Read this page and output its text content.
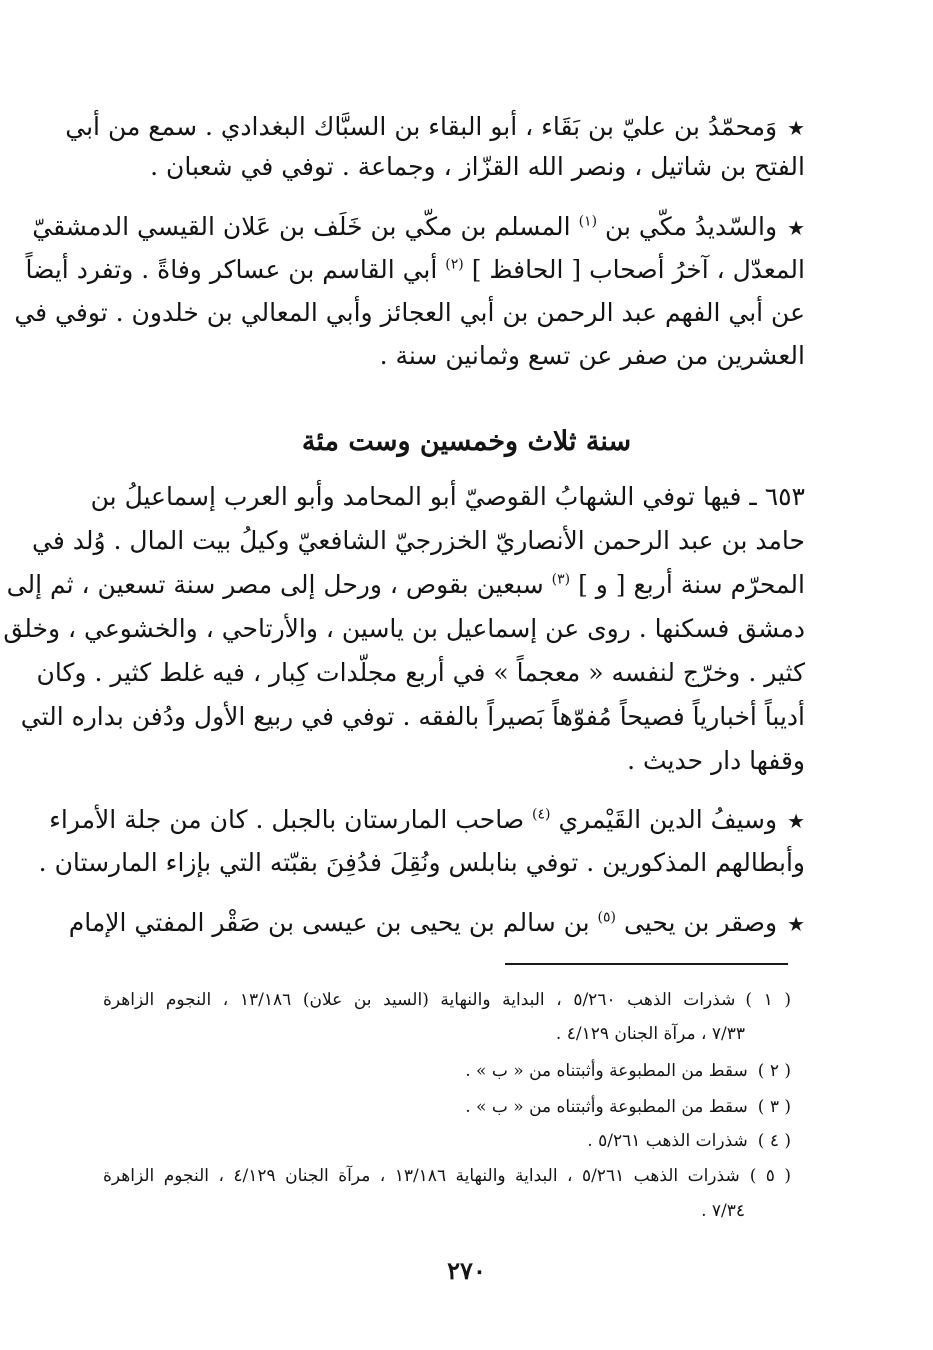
★وَمحمّدُ بن عليّ بن بَقَاء ، أبو البقاء بن السبَّاك البغدادي . سمع من أبي
الفتح بن شاتيل ، ونصر الله القزّاز ، وجماعة . توفي في شعبان .
★والسّديدُ مكّي بن $^{(١)}$ المسلم بن مكّي بن خَلَف بن عَلان القيسي الدمشقيّ
المعدّل ، آخرُ أصحاب [ الحافظ ] $^{(٢)}$ أبي القاسم بن عساكر وفاةً . وتفرد أيضاً
عن أبي الفهم عبد الرحمن بن أبي العجائز وأبي المعالي بن خلدون . توفي في
العشرين من صفر عن تسع وثمانين سنة .
سنة ثلاث وخمسين وست مئة
٦٥٣ ـ فيها توفي الشهابُ القوصيّ أبو المحامد وأبو العرب إسماعيلُ بن
حامد بن عبد الرحمن الأنصاريّ الخزرجيّ الشافعيّ وكيلُ بيت المال . وُلد في
المحرّم سنة أربع [ و ] $^{(٣)}$ سبعين بقوص ، ورحل إلى مصر سنة تسعين ، ثم إلى
دمشق فسكنها . روى عن إسماعيل بن ياسين ، والأرتاحي ، والخشوعي ، وخلق
كثير . وخرّج لنفسه « معجماً » في أربع مجلّدات كِبار ، فيه غلط كثير . وكان
أديباً أخبارياً فصيحاً مُفوّهاً بَصيراً بالفقه . توفي في ربيع الأول ودُفن بداره التي
وقفها دار حديث .
★وسيفُ الدين القَيْمري $^{(٤)}$ صاحب المارستان بالجبل . كان من جلة الأمراء
وأبطالهم المذكورين . توفي بنابلس ونُقِلَ فدُفِنَ بقبّته التي بإزاء المارستان .
★وصقر بن يحيى $^{(٥)}$ بن سالم بن يحيى بن عيسى بن صَقْر المفتي الإمام
( ١ )شذرات الذهب ٥/٢٦٠ ، البداية والنهاية (السيد بن علان) ١٣/١٨٦ ، النجوم الزاهرة
٧/٣٣ ، مرآة الجنان ٤/١٢٩ .
( ٢ )سقط من المطبوعة وأثبتناه من « ب » .
( ٣ )سقط من المطبوعة وأثبتناه من « ب » .
( ٤ )شذرات الذهب ٥/٢٦١ .
( ٥ )شذرات الذهب ٥/٢٦١ ، البداية والنهاية ١٣/١٨٦ ، مرآة الجنان ٤/١٢٩ ، النجوم الزاهرة
٧/٣٤ .
٢٧٠
